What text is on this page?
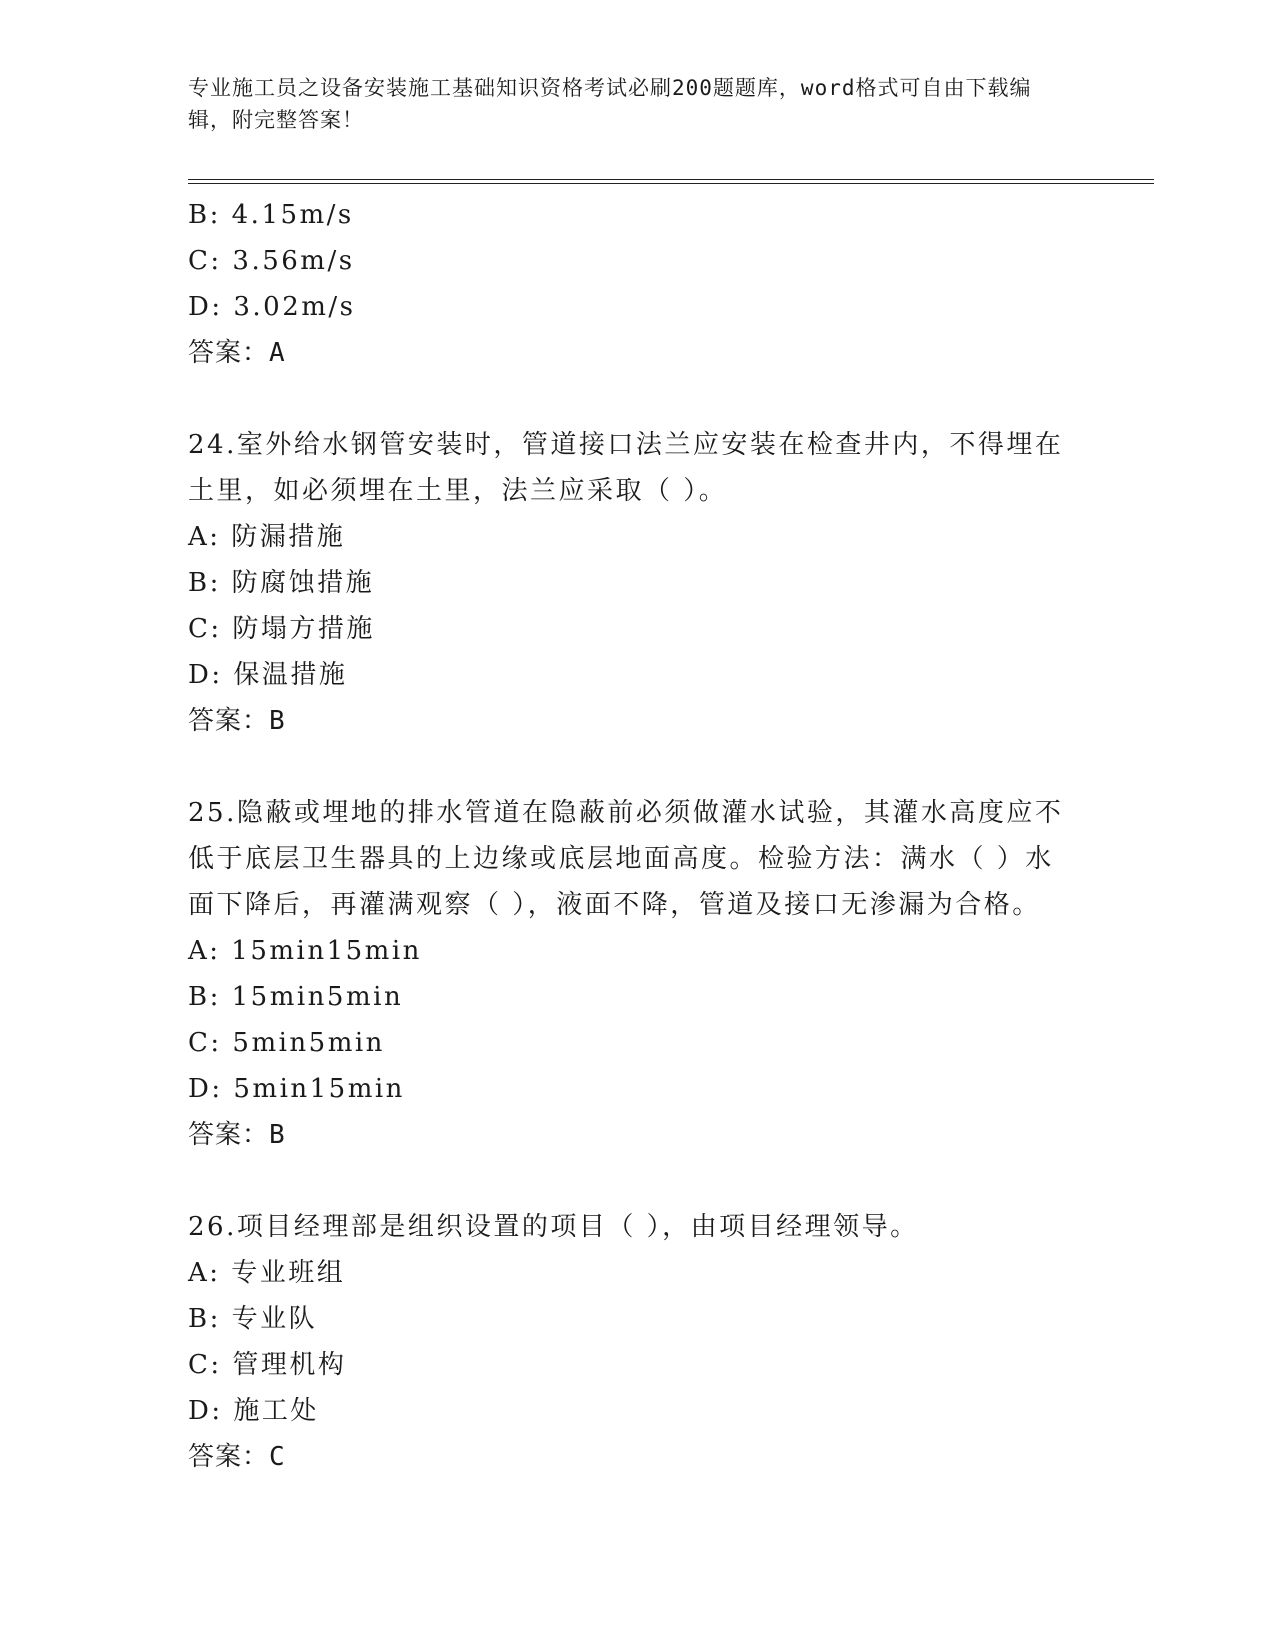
专业施工员之设备安装施工基础知识资格考试必刷200题题库，word格式可自由下载编辑，附完整答案！

B: 4.15m/s

C: 3.56m/s

D: 3.02m/s

答案：A

24.室外给水钢管安装时，管道接口法兰应安装在检查井内，不得埋在

土里，如必须埋在土里，法兰应采取（ ）。

A: 防漏措施

B: 防腐蚀措施

C: 防塌方措施

D: 保温措施

答案：B

25.隐蔽或埋地的排水管道在隐蔽前必须做灌水试验，其灌水高度应不

低于底层卫生器具的上边缘或底层地面高度。检验方法：满水（ ）水

面下降后，再灌满观察（ ），液面不降，管道及接口无渗漏为合格。

A: 15min15min

B: 15min5min

C: 5min5min

D: 5min15min

答案：B

26.项目经理部是组织设置的项目（ ），由项目经理领导。

A: 专业班组

B: 专业队

C: 管理机构

D: 施工处

答案：C
